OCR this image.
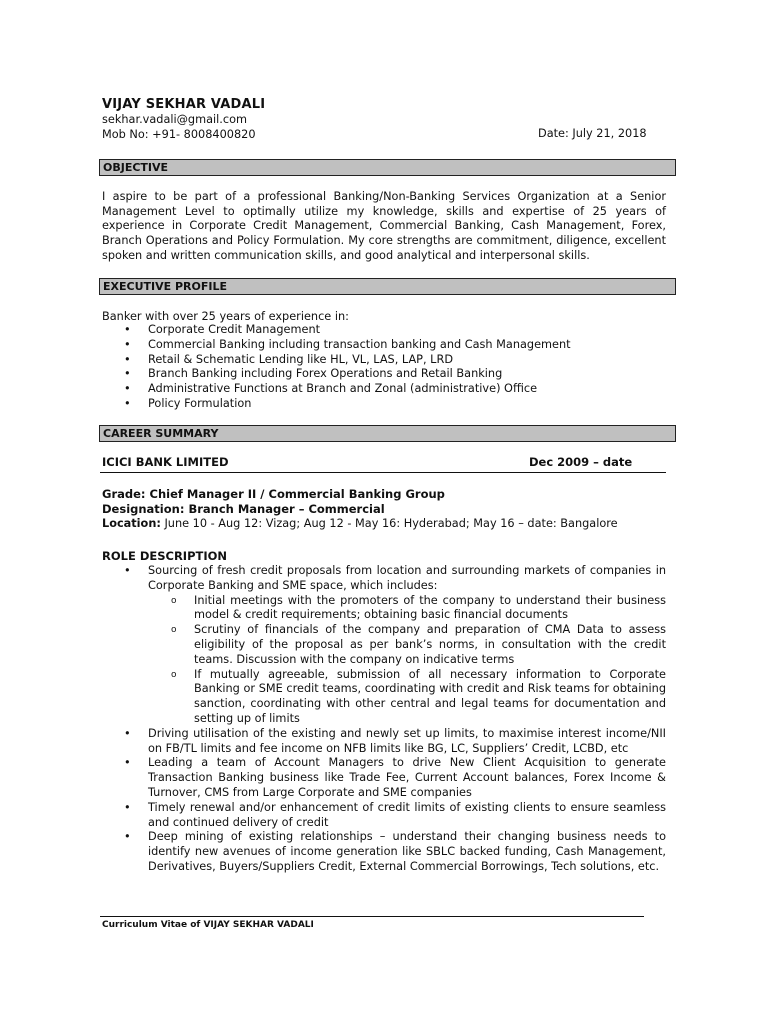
VIJAY SEKHAR VADALI
sekhar.vadali@gmail.com
Mob No: +91- 8008400820	Date: July 21, 2018
OBJECTIVE
I aspire to be part of a professional Banking/Non-Banking Services Organization at a Senior Management Level to optimally utilize my knowledge, skills and expertise of 25 years of experience in Corporate Credit Management, Commercial Banking, Cash Management, Forex, Branch Operations and Policy Formulation. My core strengths are commitment, diligence, excellent spoken and written communication skills, and good analytical and interpersonal skills.
EXECUTIVE PROFILE
Banker with over 25 years of experience in:
• Corporate Credit Management
• Commercial Banking including transaction banking and Cash Management
• Retail & Schematic Lending like HL, VL, LAS, LAP, LRD
• Branch Banking including Forex Operations and Retail Banking
• Administrative Functions at Branch and Zonal (administrative) Office
• Policy Formulation
CAREER SUMMARY
ICICI BANK LIMITED	Dec 2009 – date
Grade: Chief Manager II / Commercial Banking Group
Designation: Branch Manager – Commercial
Location: June 10 - Aug 12: Vizag; Aug 12 - May 16: Hyderabad; May 16 – date: Bangalore
ROLE DESCRIPTION
• Sourcing of fresh credit proposals from location and surrounding markets of companies in Corporate Banking and SME space, which includes:
o Initial meetings with the promoters of the company to understand their business model & credit requirements; obtaining basic financial documents
o Scrutiny of financials of the company and preparation of CMA Data to assess eligibility of the proposal as per bank’s norms, in consultation with the credit teams. Discussion with the company on indicative terms
o If mutually agreeable, submission of all necessary information to Corporate Banking or SME credit teams, coordinating with credit and Risk teams for obtaining sanction, coordinating with other central and legal teams for documentation and setting up of limits
• Driving utilisation of the existing and newly set up limits, to maximise interest income/NII on FB/TL limits and fee income on NFB limits like BG, LC, Suppliers’ Credit, LCBD, etc
• Leading a team of Account Managers to drive New Client Acquisition to generate Transaction Banking business like Trade Fee, Current Account balances, Forex Income & Turnover, CMS from Large Corporate and SME companies
• Timely renewal and/or enhancement of credit limits of existing clients to ensure seamless and continued delivery of credit
• Deep mining of existing relationships – understand their changing business needs to identify new avenues of income generation like SBLC backed funding, Cash Management, Derivatives, Buyers/Suppliers Credit, External Commercial Borrowings, Tech solutions, etc.
Curriculum Vitae of VIJAY SEKHAR VADALI
